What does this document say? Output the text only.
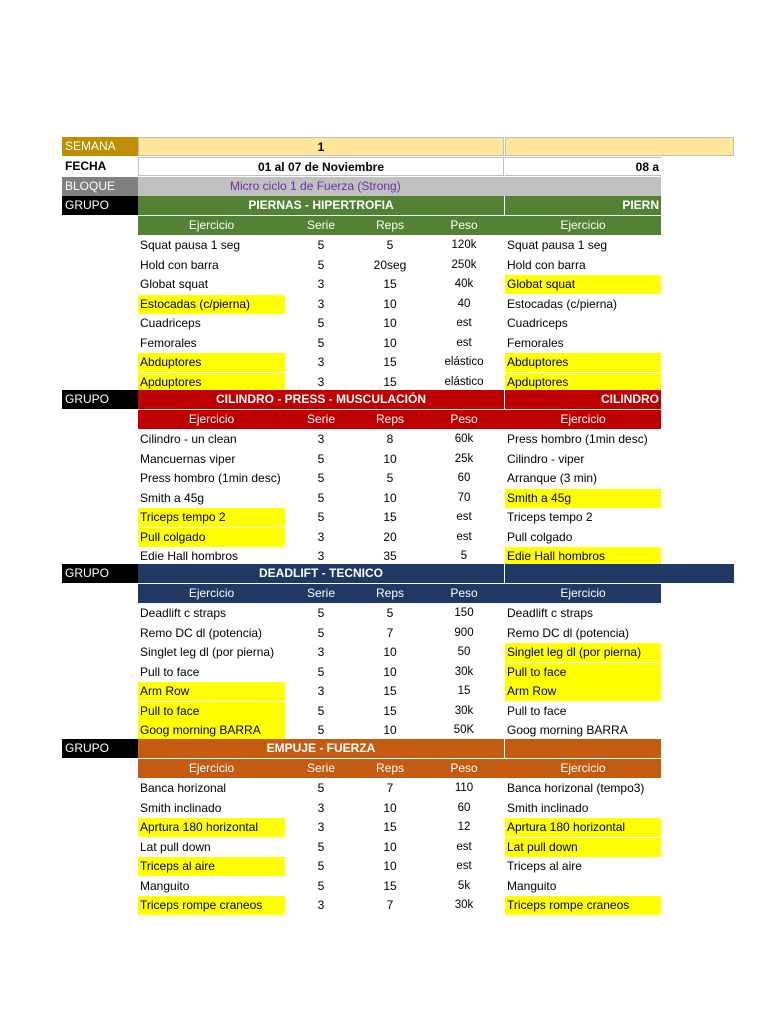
SEMANA	1
FECHA	01 al 07 de Noviembre	08 a
BLOQUE	Micro ciclo 1 de Fuerza (Strong)
GRUPO	PIERNAS - HIPERTROFIA	PIERN
Ejercicio	Serie	Reps	Peso	Ejercicio
Squat pausa 1 seg	5	5	120k	Squat pausa 1 seg
Hold con barra	5	20seg	250k	Hold con barra
Globat squat	3	15	40k	Globat squat
Estocadas (c/pierna)	3	10	40	Estocadas (c/pierna)
Cuadriceps	5	10	est	Cuadriceps
Femorales	5	10	est	Femorales
Abduptores	3	15	elástico	Abduptores
Apduptores	3	15	elástico	Apduptores
GRUPO	CILINDRO - PRESS - MUSCULACIÓN	CILINDRO
Ejercicio	Serie	Reps	Peso	Ejercicio
Cilindro - un clean	3	8	60k	Press hombro (1min desc)
Mancuernas viper	5	10	25k	Cilindro - viper
Press hombro (1min desc)	5	5	60	Arranque (3 min)
Smith a 45g	5	10	70	Smith a 45g
Triceps tempo 2	5	15	est	Triceps tempo 2
Pull colgado	3	20	est	Pull colgado
Edie Hall hombros	3	35	5	Edie Hall hombros
GRUPO	DEADLIFT - TECNICO
Ejercicio	Serie	Reps	Peso	Ejercicio
Deadlift c straps	5	5	150	Deadlift c straps
Remo DC dl (potencia)	5	7	900	Remo DC dl (potencia)
Singlet leg dl (por pierna)	3	10	50	Singlet leg dl (por pierna)
Pull to face	5	10	30k	Pull to face
Arm Row	3	15	15	Arm Row
Pull to face	5	15	30k	Pull to face
Goog morning BARRA	5	10	50K	Goog morning BARRA
GRUPO	EMPUJE - FUERZA
Ejercicio	Serie	Reps	Peso	Ejercicio
Banca horizonal	5	7	110	Banca horizonal (tempo3)
Smith inclinado	3	10	60	Smith inclinado
Aprtura 180 horizontal	3	15	12	Aprtura 180 horizontal
Lat pull down	5	10	est	Lat pull down
Triceps al aire	5	10	est	Triceps al aire
Manguito	5	15	5k	Manguito
Triceps rompe craneos	3	7	30k	Triceps rompe craneos
